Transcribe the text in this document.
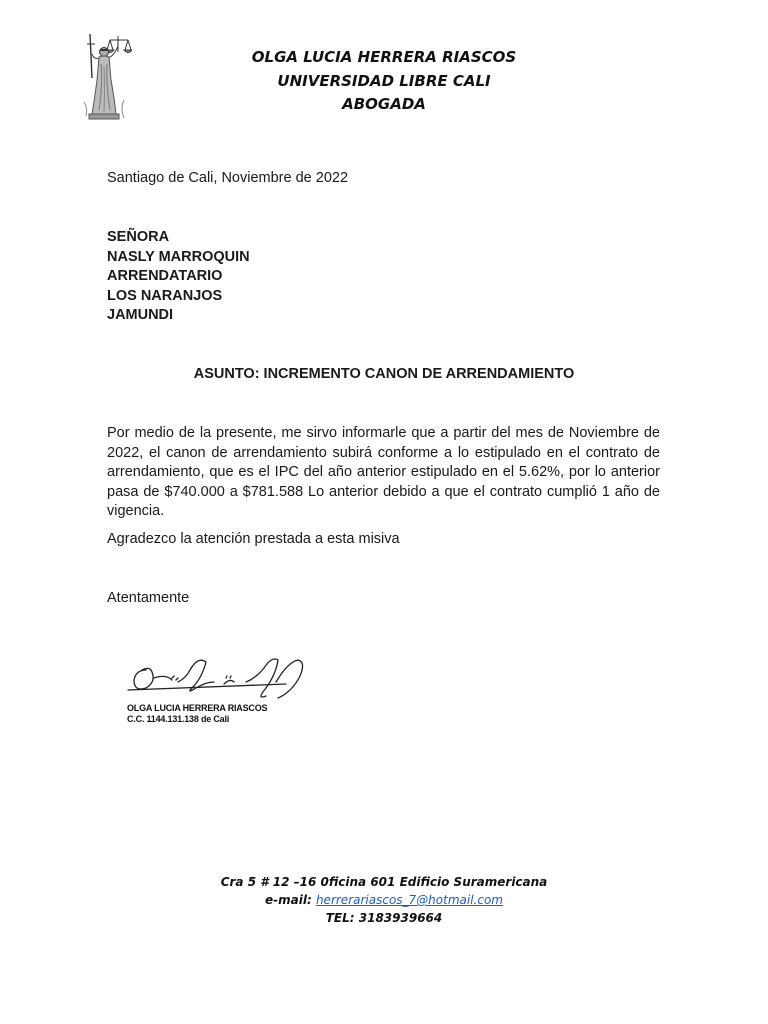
OLGA LUCIA HERRERA RIASCOS
UNIVERSIDAD LIBRE CALI
ABOGADA
Santiago de Cali, Noviembre de 2022
SEÑORA
NASLY MARROQUIN
ARRENDATARIO
LOS NARANJOS
JAMUNDI
ASUNTO: INCREMENTO CANON DE ARRENDAMIENTO

Por medio de la presente, me sirvo informarle que a partir del mes de Noviembre de 2022, el canon de arrendamiento subirá conforme a lo estipulado en el contrato de arrendamiento, que es el IPC del año anterior estipulado en el 5.62%, por lo anterior pasa de $740.000 a $781.588 Lo anterior debido a que el contrato cumplió 1 año de vigencia.

Agradezco la atención prestada a esta misiva
Atentamente
OLGA LUCIA HERRERA RIASCOS
C.C. 1144.131.138 de Cali
Cra 5 # 12 –16 0ficina 601 Edificio Suramericana
e-mail: herrerariascos_7@hotmail.com
TEL: 3183939664
